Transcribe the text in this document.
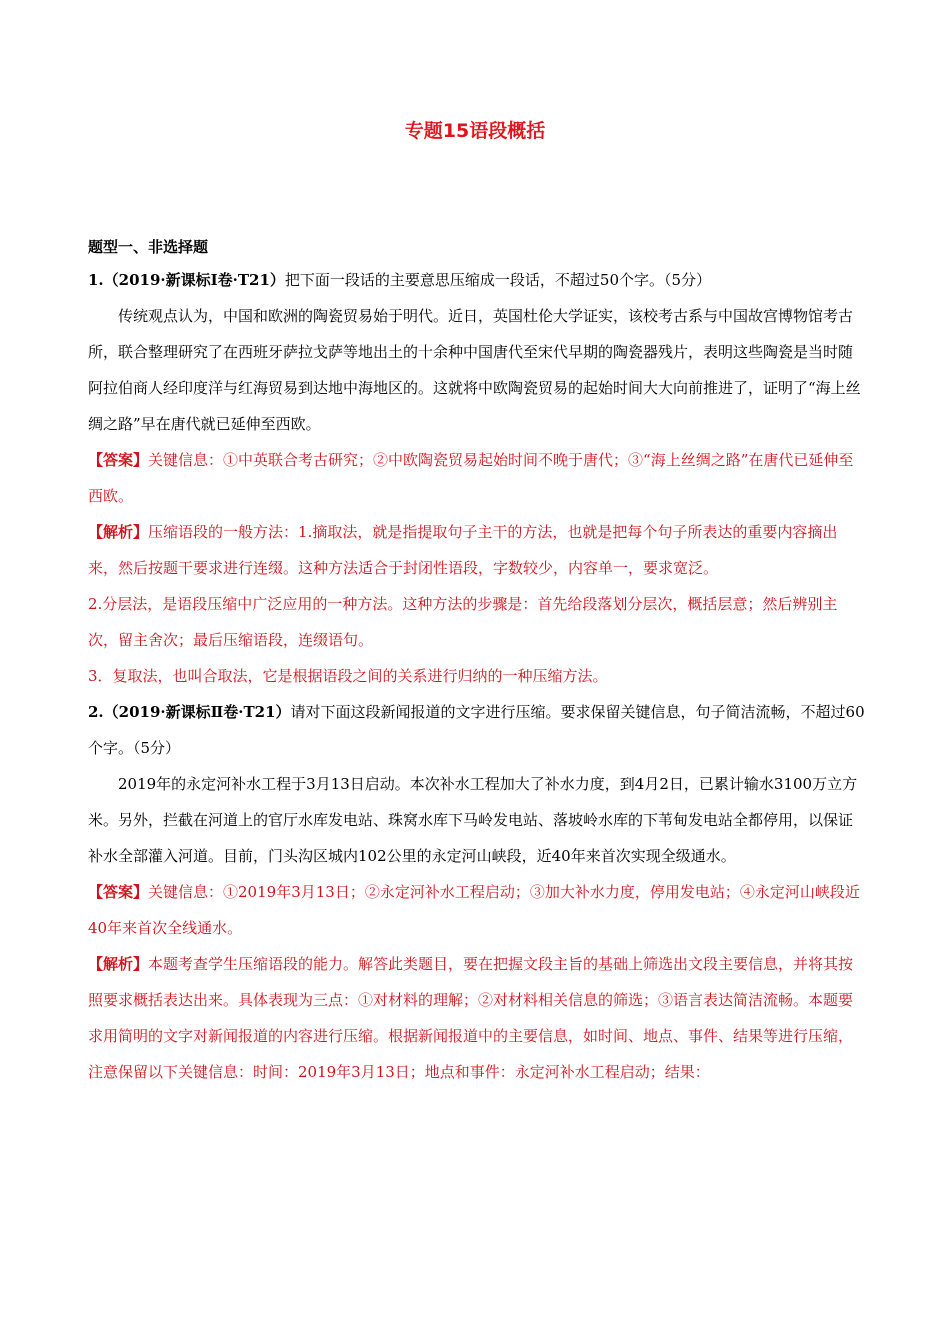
专题15语段概括
题型一、非选择题

1.（2019·新课标Ⅰ卷·T21）把下面一段话的主要意思压缩成一段话，不超过50个字。（5分）

传统观点认为，中国和欧洲的陶瓷贸易始于明代。近日，英国杜伦大学证实，该校考古系与中国故宫博物馆考古所，联合整理研究了在西班牙萨拉戈萨等地出土的十余种中国唐代至宋代早期的陶瓷器残片，表明这些陶瓷是当时随阿拉伯商人经印度洋与红海贸易到达地中海地区的。这就将中欧陶瓷贸易的起始时间大大向前推进了，证明了“海上丝绸之路”早在唐代就已延伸至西欧。

【答案】关键信息：①中英联合考古研究；②中欧陶瓷贸易起始时间不晚于唐代；③“海上丝绸之路”在唐代已延伸至西欧。

【解析】压缩语段的一般方法：1.摘取法，就是指提取句子主干的方法，也就是把每个句子所表达的重要内容摘出来，然后按题干要求进行连缀。这种方法适合于封闭性语段，字数较少，内容单一，要求宽泛。

2.分层法，是语段压缩中广泛应用的一种方法。这种方法的步骤是：首先给段落划分层次，概括层意；然后辨别主次，留主舍次；最后压缩语段，连缀语句。

3．复取法，也叫合取法，它是根据语段之间的关系进行归纳的一种压缩方法。

2.（2019·新课标Ⅱ卷·T21）请对下面这段新闻报道的文字进行压缩。要求保留关键信息，句子简洁流畅，不超过60个字。（5分）

2019年的永定河补水工程于3月13日启动。本次补水工程加大了补水力度，到4月2日，已累计输水3100万立方米。另外，拦截在河道上的官厅水库发电站、珠窝水库下马岭发电站、落坡岭水库的下苇甸发电站全都停用，以保证补水全部灌入河道。目前，门头沟区城内102公里的永定河山峡段，近40年来首次实现全级通水。

【答案】关键信息：①2019年3月13日；②永定河补水工程启动；③加大补水力度，停用发电站；④永定河山峡段近40年来首次全线通水。

【解析】本题考查学生压缩语段的能力。解答此类题目，要在把握文段主旨的基础上筛选出文段主要信息，并将其按照要求概括表达出来。具体表现为三点：①对材料的理解；②对材料相关信息的筛选；③语言表达简洁流畅。本题要求用简明的文字对新闻报道的内容进行压缩。根据新闻报道中的主要信息，如时间、地点、事件、结果等进行压缩，注意保留以下关键信息：时间：2019年3月13日；地点和事件：永定河补水工程启动；结果：
